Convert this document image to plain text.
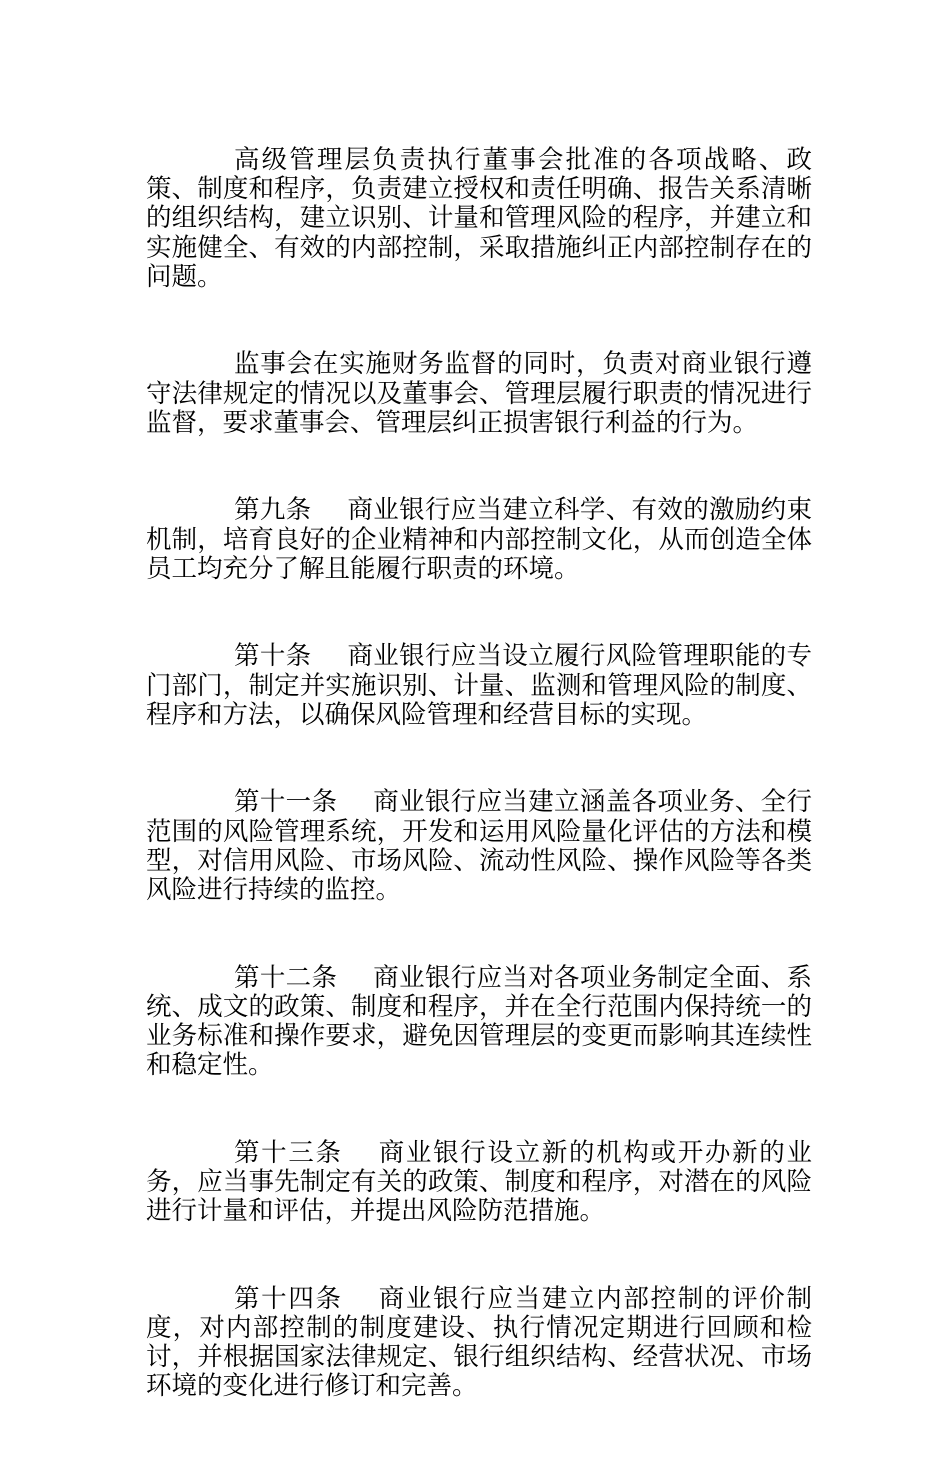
高级管理层负责执行董事会批准的各项战略、政策、制度和程序，负责建立授权和责任明确、报告关系清晰的组织结构，建立识别、计量和管理风险的程序，并建立和实施健全、有效的内部控制，采取措施纠正内部控制存在的问题。

监事会在实施财务监督的同时，负责对商业银行遵守法律规定的情况以及董事会、管理层履行职责的情况进行监督，要求董事会、管理层纠正损害银行利益的行为。

第九条 商业银行应当建立科学、有效的激励约束机制，培育良好的企业精神和内部控制文化，从而创造全体员工均充分了解且能履行职责的环境。

第十条 商业银行应当设立履行风险管理职能的专门部门，制定并实施识别、计量、监测和管理风险的制度、程序和方法，以确保风险管理和经营目标的实现。

第十一条 商业银行应当建立涵盖各项业务、全行范围的风险管理系统，开发和运用风险量化评估的方法和模型，对信用风险、市场风险、流动性风险、操作风险等各类风险进行持续的监控。

第十二条 商业银行应当对各项业务制定全面、系统、成文的政策、制度和程序，并在全行范围内保持统一的业务标准和操作要求，避免因管理层的变更而影响其连续性和稳定性。

第十三条 商业银行设立新的机构或开办新的业务，应当事先制定有关的政策、制度和程序，对潜在的风险进行计量和评估，并提出风险防范措施。

第十四条 商业银行应当建立内部控制的评价制度，对内部控制的制度建设、执行情况定期进行回顾和检讨，并根据国家法律规定、银行组织结构、经营状况、市场环境的变化进行修订和完善。
